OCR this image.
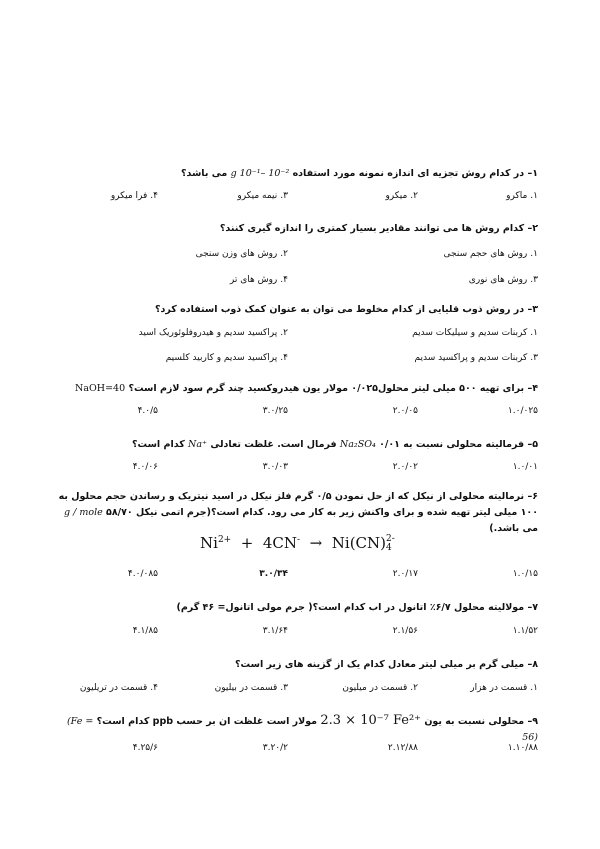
۱– در کدام روش تجزیه ای اندازه نمونه مورد استفاده g 10⁻¹– 10⁻² می باشد؟
۱.ماکرو
۲.میکرو
۳.نیمه میکرو
۴.فرا میکرو
۲– کدام روش ها می توانند مقادیر بسیار کمتری را اندازه گیری کنند؟
۱.روش های حجم سنجی
۲.روش های وزن سنجی
۳.روش های نوری
۴.روش های تر
۳– در روش ذوب قلیایی از کدام مخلوط می توان به عنوان کمک ذوب استفاده کرد؟
۱.کربنات سدیم و سیلیکات سدیم
۲.پراکسید سدیم و هیدروفلوئوریک اسید
۳.کربنات سدیم و پراکسید سدیم
۴.پراکسید سدیم و کاربید کلسیم
۴– برای تهیه ۵۰۰ میلی لیتر محلول۰/۰۲۵ مولار یون هیدروکسید چند گرم سود لازم است؟ NaOH=40
۱.۰/۰۲۵
۲.۰/۰۵
۳.۰/۲۵
۴.۰/۵
۵– فرمالیته محلولی نسبت به Na₂SO₄ ۰/۰۱ فرمال است. غلظت تعادلی Na⁺ کدام است؟
۱.۰/۰۱
۲.۰/۰۲
۳.۰/۰۳
۴.۰/۰۶
۶– نرمالیته محلولی از نیکل که از حل نمودن ۰/۵ گرم فلز نیکل در اسید نیتریک و رساندن حجم محلول به ۱۰۰ میلی لیتر تهیه شده و برای واکنش زیر به کار می رود. کدام است؟(جرم اتمی نیکل g / mole ۵۸/۷۰ می باشد.)
$Ni^{2+} + 4CN^- \to Ni(CN)$ 2-
4
۱.۰/۱۵
۲.۰/۱۷
۳.۰/۳۴
۴.۰/۰۸۵
۷– مولالیته محلول ۶/۷٪ اتانول در اب کدام است؟( جرم مولی اتانول= ۴۶ گرم)
۱.۱/۵۲
۲.۱/۵۶
۳.۱/۶۴
۴.۱/۸۵
۸– میلی گرم بر میلی لیتر معادل کدام یک از گزینه های زیر است؟
۱.قسمت در هزار
۲.قسمت در میلیون
۳.قسمت در بیلیون
۴.قسمت در تریلیون
۹– محلولی نسبت به یون 2.3 × 10⁻⁷ Fe²⁺ مولار است غلظت ان بر حسب ppb کدام است؟ (Fe = 56)
۱.۱۰/۸۸
۲.۱۲/۸۸
۳.۲۰/۲
۴.۲۵/۶
